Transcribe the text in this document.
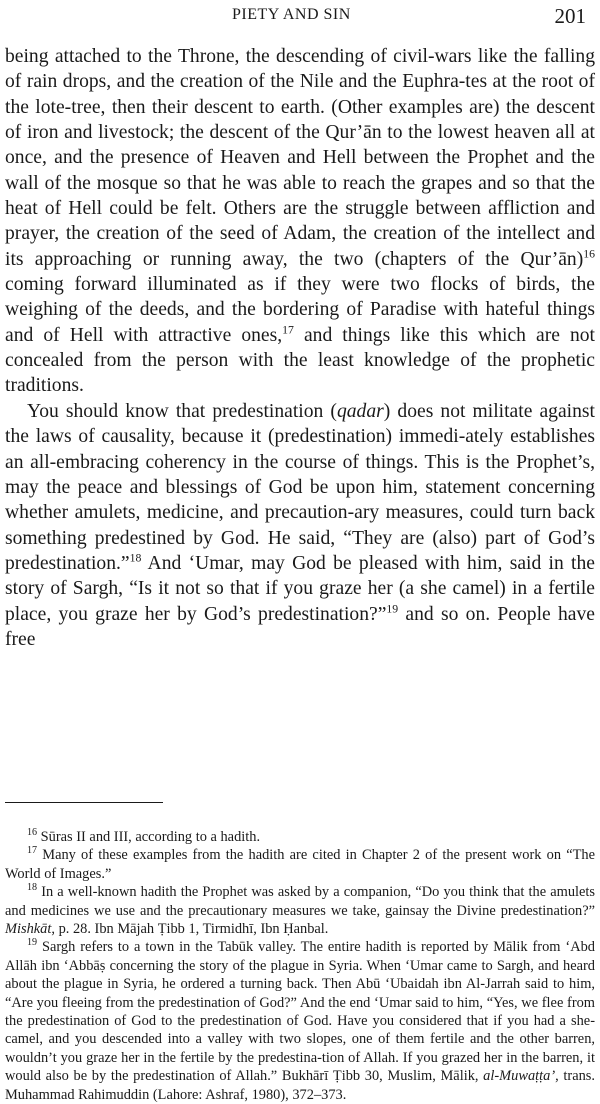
PIETY AND SIN	201

being attached to the Throne, the descending of civil-wars like the falling of rain drops, and the creation of the Nile and the Euphra-tes at the root of the lote-tree, then their descent to earth. (Other examples are) the descent of iron and livestock; the descent of the Qur’ān to the lowest heaven all at once, and the presence of Heaven and Hell between the Prophet and the wall of the mosque so that he was able to reach the grapes and so that the heat of Hell could be felt. Others are the struggle between affliction and prayer, the creation of the seed of Adam, the creation of the intellect and its approaching or running away, the two (chapters of the Qur’ān)$^{16}$ coming forward illuminated as if they were two flocks of birds, the weighing of the deeds, and the bordering of Paradise with hateful things and of Hell with attractive ones,$^{17}$ and things like this which are not concealed from the person with the least knowledge of the prophetic traditions.

You should know that predestination (qadar) does not militate against the laws of causality, because it (predestination) immedi-ately establishes an all-embracing coherency in the course of things. This is the Prophet’s, may the peace and blessings of God be upon him, statement concerning whether amulets, medicine, and precaution-ary measures, could turn back something predestined by God. He said, “They are (also) part of God’s predestination.”$^{18}$ And ‘Umar, may God be pleased with him, said in the story of Sargh, “Is it not so that if you graze her (a she camel) in a fertile place, you graze her by God’s predestination?”$^{19}$ and so on. People have free

$^{16}$ Sūras II and III, according to a hadith.

$^{17}$ Many of these examples from the hadith are cited in Chapter 2 of the present work on “The World of Images.”

$^{18}$ In a well-known hadith the Prophet was asked by a companion, “Do you think that the amulets and medicines we use and the precautionary measures we take, gainsay the Divine predestination?” Mishkāt, p. 28. Ibn Mājah Ṭibb 1, Tirmidhī, Ibn Ḥanbal.

$^{19}$ Sargh refers to a town in the Tabūk valley. The entire hadith is reported by Mālik from ‘Abd Allāh ibn ‘Abbāṣ concerning the story of the plague in Syria. When ‘Umar came to Sargh, and heard about the plague in Syria, he ordered a turning back. Then Abū ‘Ubaidah ibn Al-Jarrah said to him, “Are you fleeing from the predestination of God?” And the end ‘Umar said to him, “Yes, we flee from the predestination of God to the predestination of God. Have you considered that if you had a she-camel, and you descended into a valley with two slopes, one of them fertile and the other barren, wouldn’t you graze her in the fertile by the predestina-tion of Allah. If you grazed her in the barren, it would also be by the predestination of Allah.” Bukhārī Ṭibb 30, Muslim, Mālik, al-Muwaṭṭa’, trans. Muhammad Rahimuddin (Lahore: Ashraf, 1980), 372–373.
